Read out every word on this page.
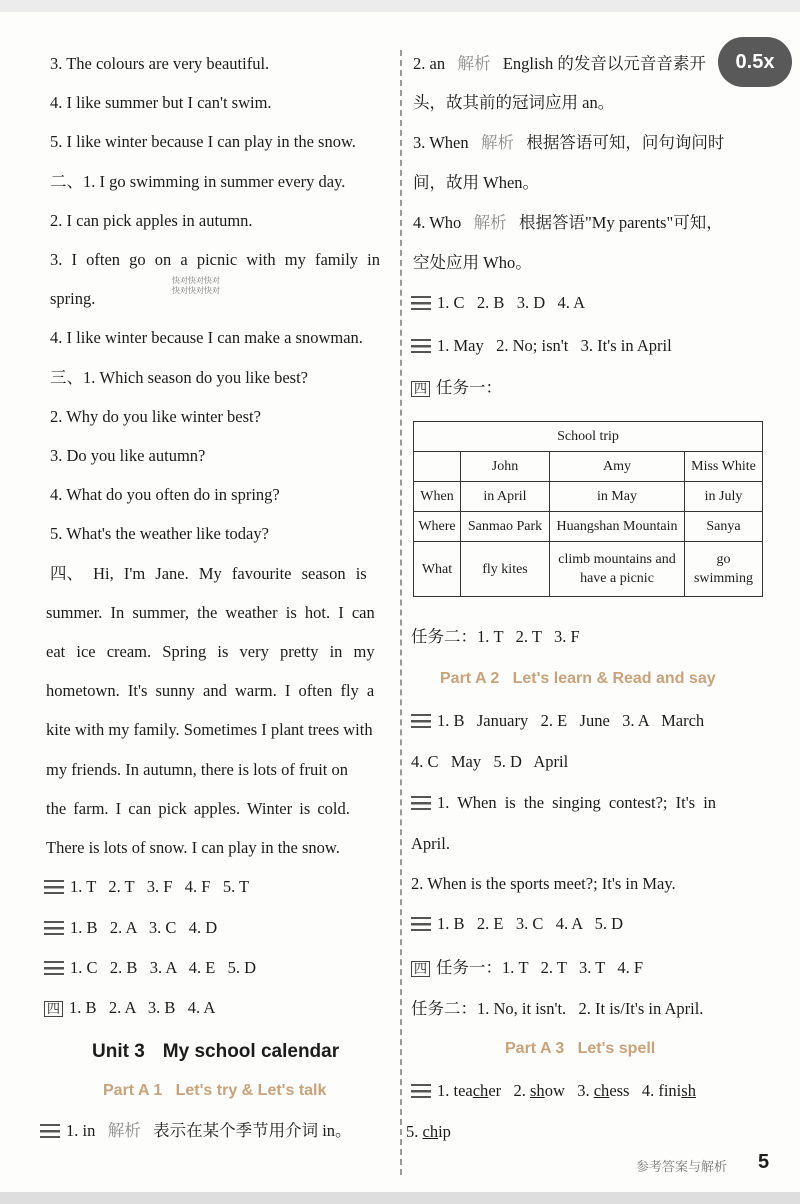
3. The colours are very beautiful.
4. I like summer but I can't swim.
5. I like winter because I can play in the snow.
二、1. I go swimming in summer every day.
2. I can pick apples in autumn.
3. I often go on a picnic with my family in
spring.
快对快对快对
快对快对快对
4. I like winter because I can make a snowman.
三、1. Which season do you like best?
2. Why do you like winter best?
3. Do you like autumn?
4. What do you often do in spring?
5. What's the weather like today?
四、 Hi, I'm Jane. My favourite season is
summer. In summer, the weather is hot. I can
eat ice cream. Spring is very pretty in my
hometown. It's sunny and warm. I often fly a
kite with my family. Sometimes I plant trees with
my friends. In autumn, there is lots of fruit on
the farm. I can pick apples. Winter is cold.
There is lots of snow. I can play in the snow.
1. T   2. T   3. F   4. F   5. T
1. B   2. A   3. C   4. D
1. C   2. B   3. A   4. E   5. D
四 1. B   2. A   3. B   4. A
Unit 3 My school calendar
Part A 1   Let's try & Let's talk
1. in 解析 表示在某个季节用介词 in。
2. an 解析 English 的发音以元音音素开
头，故其前的冠词应用 an。
3. When 解析 根据答语可知，问句询问时
间，故用 When。
4. Who 解析 根据答语"My parents"可知，
空处应用 Who。
1. C   2. B   3. D   4. A
1. May   2. No; isn't   3. It's in April
四 任务一：
School trip			
	John	Amy	Miss White
When	in April	in May	in July
Where	Sanmao Park	Huangshan Mountain	Sanya
What	fly kites	climb mountains and have a picnic	go swimming
任务二：1. T   2. T   3. F
Part A 2   Let's learn & Read and say
1. B   January   2. E   June   3. A   March
4. C   May   5. D   April
1. When is the singing contest?; It's in
April.
2. When is the sports meet?; It's in May.
1. B   2. E   3. C   4. A   5. D
四 任务一：1. T   2. T   3. T   4. F
任务二：1. No, it isn't.   2. It is/It's in April.
Part A 3   Let's spell
1. teacher   2. show   3. chess   4. finish
5. chip
参考答案与解析 5
0.5x
